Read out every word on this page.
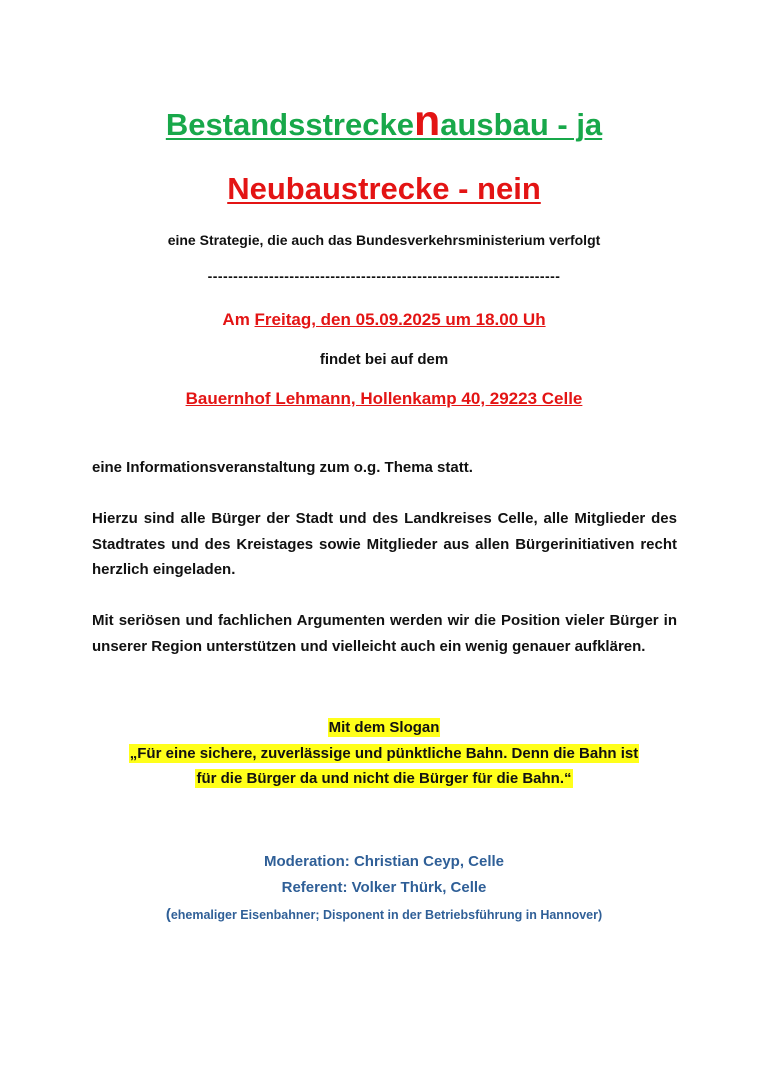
Bestandsstreckenausbau - ja
Neubaustrecke - nein
eine Strategie, die auch das Bundesverkehrsministerium verfolgt
---------------------------------------------------------------------
Am Freitag, den 05.09.2025 um 18.00 Uh
findet bei auf dem
Bauernhof Lehmann, Hollenkamp 40, 29223 Celle
eine Informationsveranstaltung zum o.g. Thema statt.
Hierzu sind alle Bürger der Stadt und des Landkreises Celle, alle Mitglieder des Stadtrates und des Kreistages sowie Mitglieder aus allen Bürgerinitiativen recht herzlich eingeladen.
Mit seriösen und fachlichen Argumenten werden wir die Position vieler Bürger in unserer Region unterstützen und vielleicht auch ein wenig genauer aufklären.
Mit dem Slogan
„Für eine sichere, zuverlässige und pünktliche Bahn. Denn die Bahn ist
für die Bürger da und nicht die Bürger für die Bahn.“
Moderation: Christian Ceyp, Celle
Referent: Volker Thürk, Celle
(ehemaliger Eisenbahner; Disponent in der Betriebsführung in Hannover)
